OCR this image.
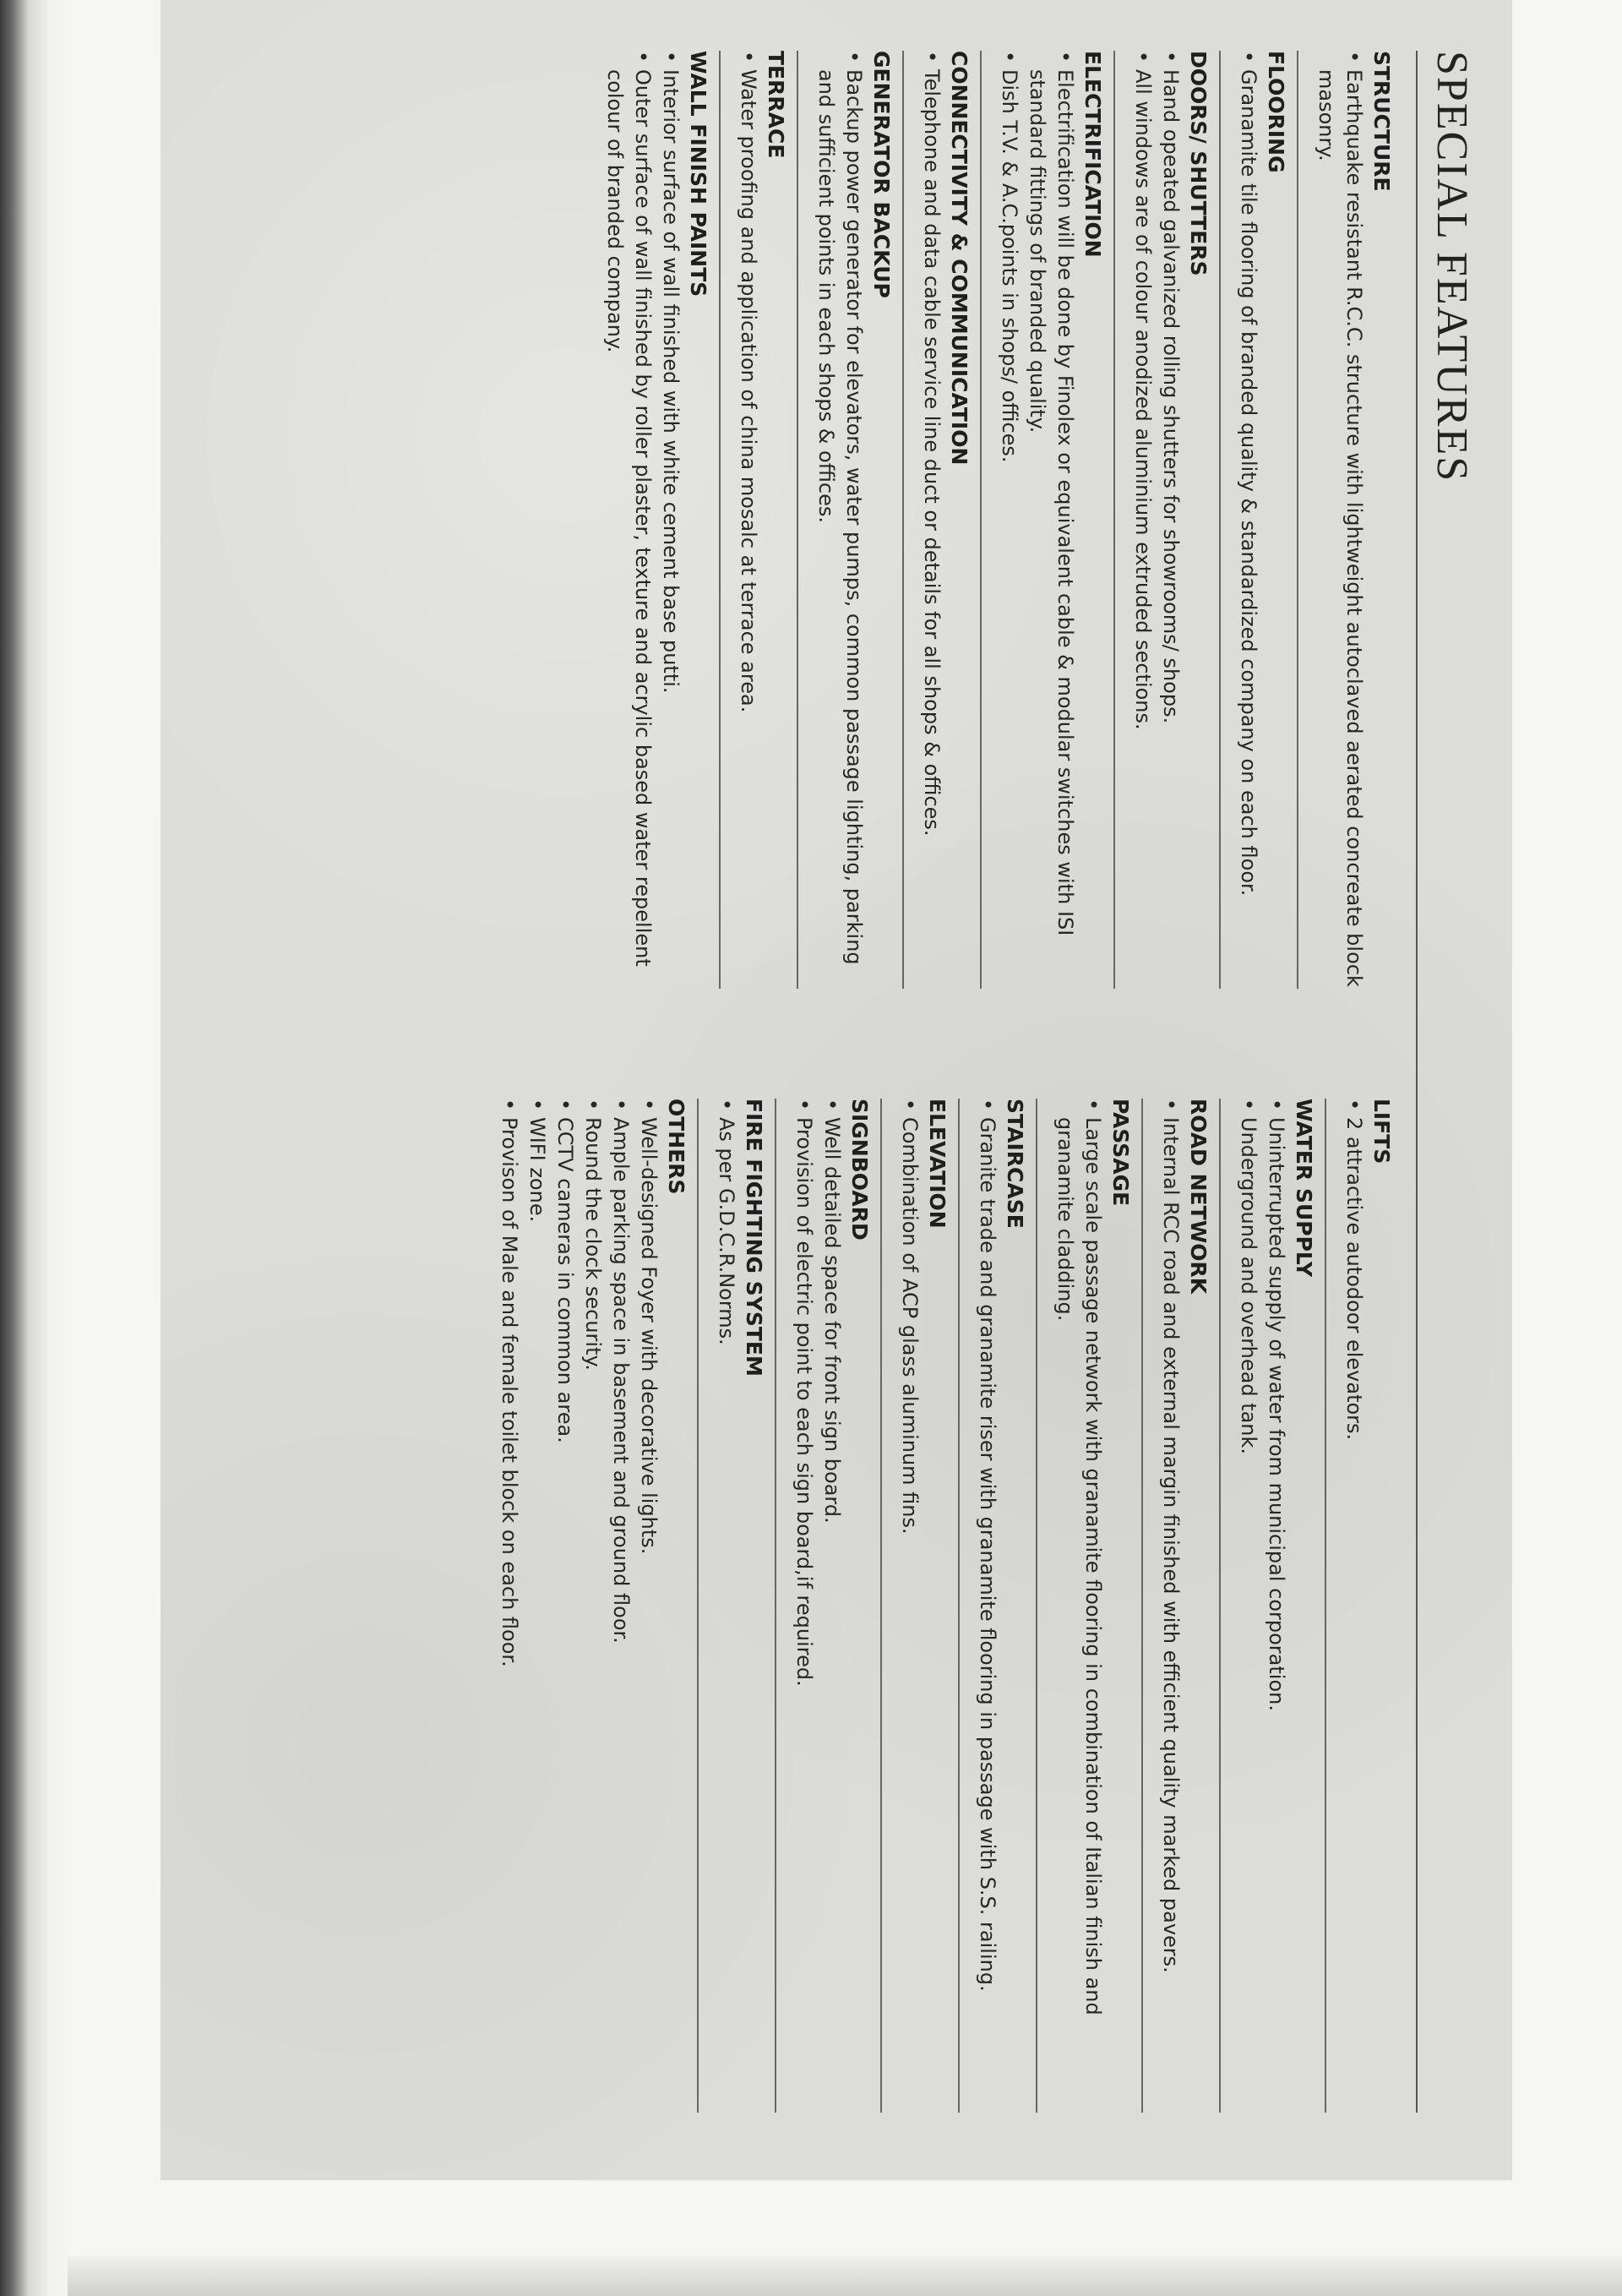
SPECIAL FEATURES
STRUCTURE
• Earthquake resistant R.C.C. structure with lightweight autoclaved aerated concreate block masonry.
FLOORING
• Granamite tile flooring of branded quality & standardized company on each floor.
DOORS/ SHUTTERS
• Hand opeated galvanized rolling shutters for showrooms/ shops.
• All windows are of colour anodized aluminium extruded sections.
ELECTRIFICATION
• Electrification will be done by Finolex or equivalent cable & modular switches with ISI standard fittings of branded quality.
• Dish T.V. & A.C.points in shops/ offices.
CONNECTIVITY & COMMUNICATION
• Telephone and data cable service line duct or details for all shops & offices.
GENERATOR BACKUP
• Backup power generator for elevators, water pumps, common passage lighting, parking and sufficient points in each shops & offices.
TERRACE
• Water proofing and application of china mosalc at terrace area.
WALL FINISH PAINTS
• Interior surface of wall finished with white cement base putti.
• Outer surface of wall finished by roller plaster, texture and acrylic based water repellent colour of branded company.
LIFTS
• 2 attractive autodoor elevators.
WATER SUPPLY
• Uninterrupted supply of water from municipal corporation.
• Underground and overhead tank.
ROAD NETWORK
• Internal RCC road and external margin finished with efficient quality marked pavers.
PASSAGE
• Large scale passage network with granamite flooring in combination of Italian finish and granamite cladding.
STAIRCASE
• Granite trade and granamite riser with granamite flooring in passage with S.S. railing.
ELEVATION
• Combination of ACP glass aluminum fins.
SIGNBOARD
• Well detailed space for front sign board.
• Provision of electric point to each sign board,if required.
FIRE FIGHTING SYSTEM
• As per G.D.C.R.Norms.
OTHERS
• Well-designed Foyer with decorative lights.
• Ample parking space in basement and ground floor.
• Round the clock security.
• CCTV cameras in common area.
• WIFI zone.
• Provison of Male and female toilet block on each floor.
